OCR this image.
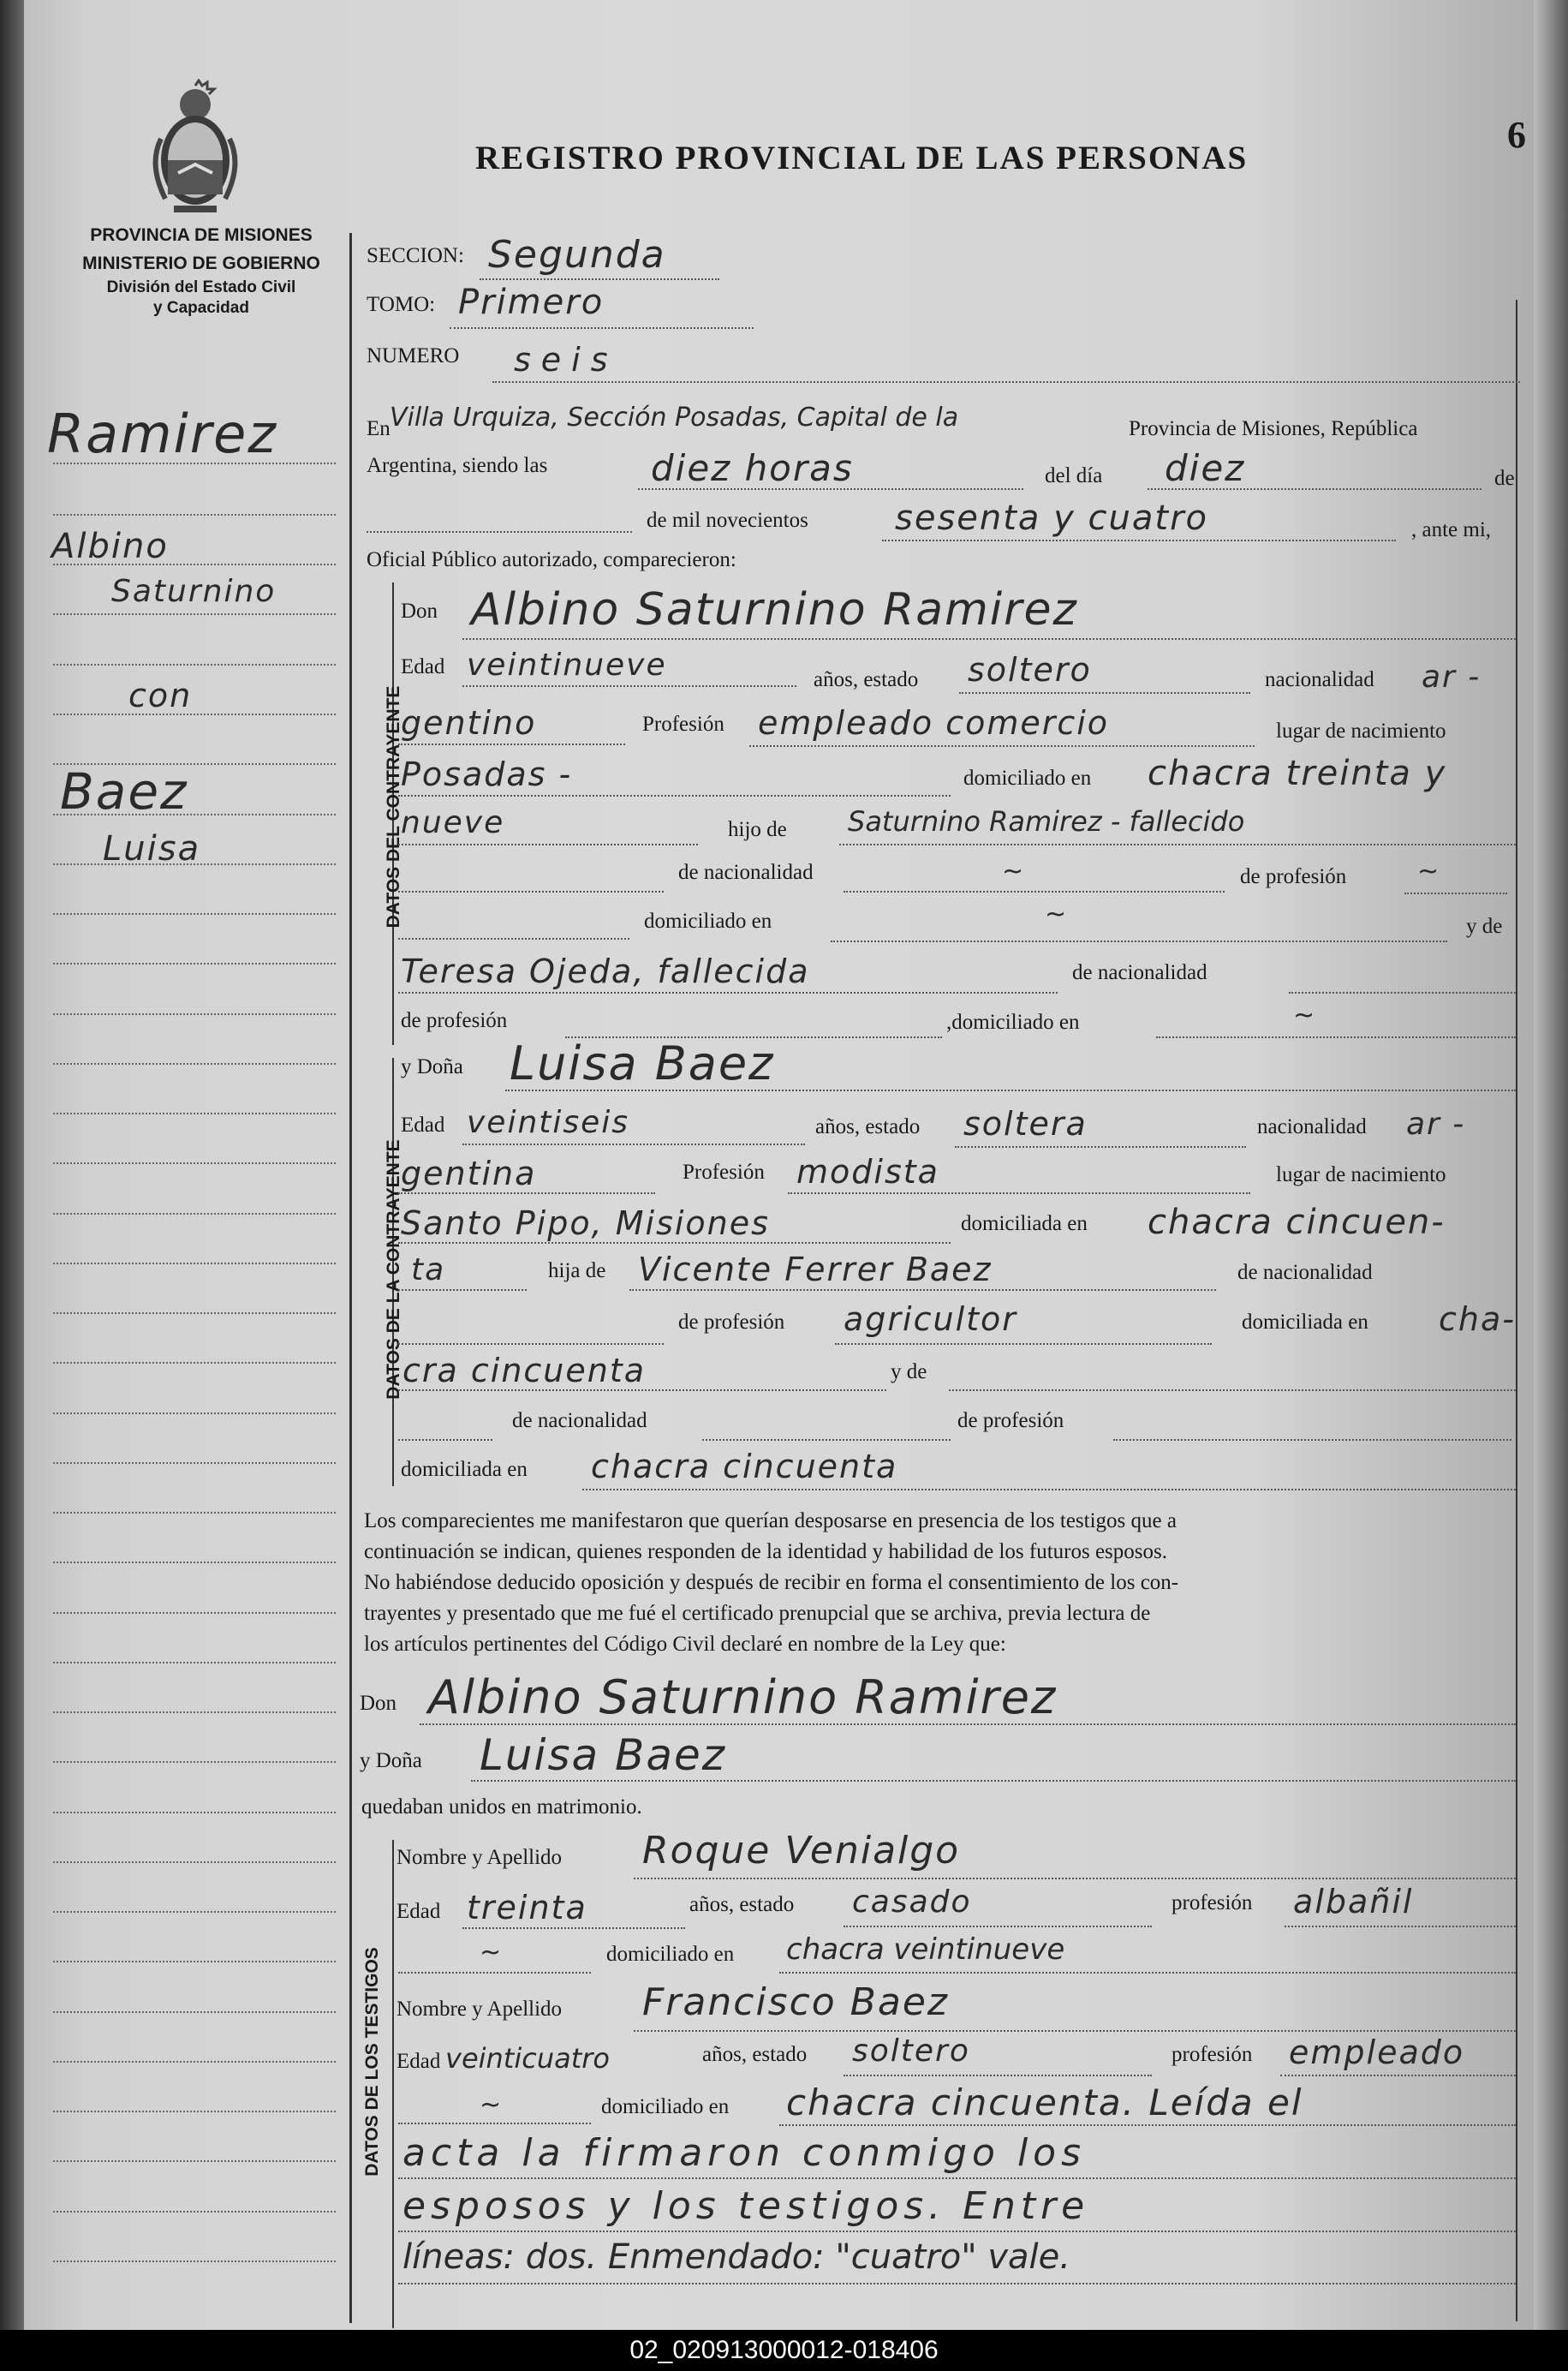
PROVINCIA DE MISIONES
MINISTERIO DE GOBIERNO
División del Estado Civil
y Capacidad
REGISTRO PROVINCIAL DE LAS PERSONAS
6
Ramirez
Albino
Saturnino
con
Baez
Luisa
SECCION: Segunda
TOMO: Primero
NUMERO seis
En Villa Urquiza, Sección Posadas, Capital de la	Provincia de Misiones, República
Argentina, siendo las	diez horas	del día diez	de
de mil novecientos	sesenta y cuatro	, ante mi,
Oficial Público autorizado, comparecieron:
DATOS DEL CONTRAYENTE
Don Albino Saturnino Ramirez
Edad veintinueve	años, estado soltero	nacionalidad ar -
gentino	Profesión empleado comercio	lugar de nacimiento
Posadas -	domiciliado en chacra treinta y
nueve	hijo de Saturnino Ramirez - fallecido
de nacionalidad	~	de profesión	~
domiciliado en	~	y de
Teresa Ojeda, fallecida	de nacionalidad
de profesión	,domiciliado en	~
DATOS DE LA CONTRAYENTE
y Doña Luisa Baez
Edad veintiseis	años, estado soltera	nacionalidad ar -
gentina	Profesión modista	lugar de nacimiento
Santo Pipo, Misiones	domiciliada en chacra cincuen-
ta	hija de Vicente Ferrer Baez	de nacionalidad
de profesión agricultor	domiciliada en cha-
cra cincuenta	y de
de nacionalidad	de profesión
domiciliada en chacra cincuenta
Los comparecientes me manifestaron que querían desposarse en presencia de los testigos que a
continuación se indican, quienes responden de la identidad y habilidad de los futuros esposos.
No habiéndose deducido oposición y después de recibir en forma el consentimiento de los con-
trayentes y presentado que me fué el certificado prenupcial que se archiva, previa lectura de
los artículos pertinentes del Código Civil declaré en nombre de la Ley que:
Don Albino Saturnino Ramirez
y Doña Luisa Baez
quedaban unidos en matrimonio.
DATOS DE LOS TESTIGOS
Nombre y Apellido Roque Venialgo
Edad treinta	años, estado casado	profesión albañil
~	domiciliado en chacra veintinueve
Nombre y Apellido Francisco Baez
Edad veinticuatro	años, estado soltero	profesión empleado
~	domiciliado en chacra cincuenta. Leída el
acta la firmaron conmigo los
esposos y los testigos. Entre
líneas: dos. Enmendado: "cuatro" vale.
02_020913000012-018406
